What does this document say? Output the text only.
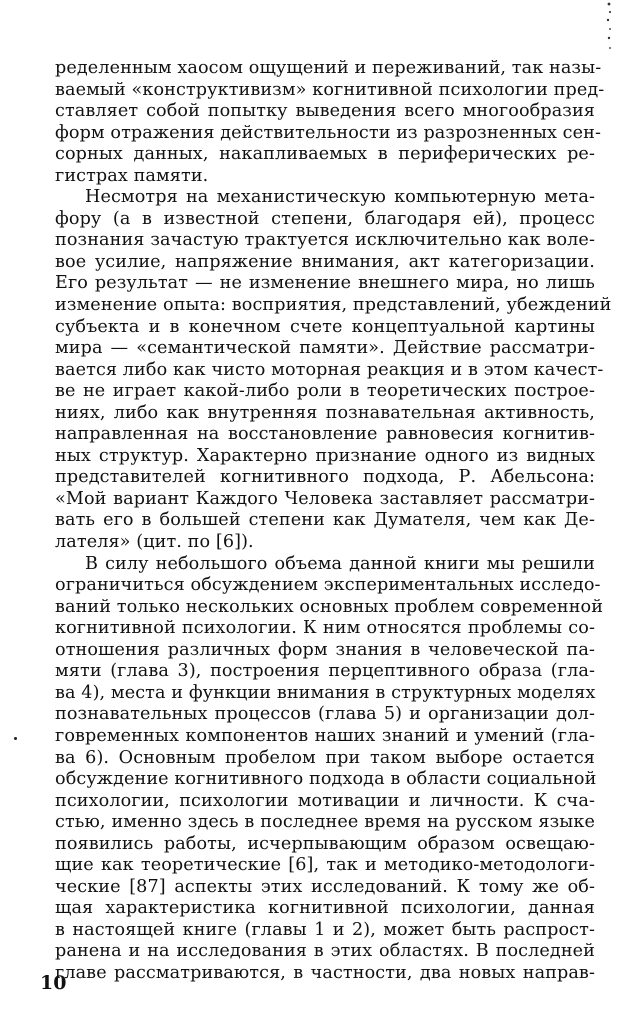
ределенным хаосом ощущений и переживаний, так назы-
ваемый «конструктивизм» когнитивной психологии пред-
ставляет собой попытку выведения всего многообразия
форм отражения действительности из разрозненных сен-
сорных данных, накапливаемых в периферических ре-
гистрах памяти.
Несмотря на механистическую компьютерную мета-
фору (а в известной степени, благодаря ей), процесс
познания зачастую трактуется исключительно как воле-
вое усилие, напряжение внимания, акт категоризации.
Его результат — не изменение внешнего мира, но лишь
изменение опыта: восприятия, представлений, убеждений
субъекта и в конечном счете концептуальной картины
мира — «семантической памяти». Действие рассматри-
вается либо как чисто моторная реакция и в этом качест-
ве не играет какой-либо роли в теоретических построе-
ниях, либо как внутренняя познавательная активность,
направленная на восстановление равновесия когнитив-
ных структур. Характерно признание одного из видных
представителей когнитивного подхода, Р. Абельсона:
«Мой вариант Каждого Человека заставляет рассматри-
вать его в большей степени как Думателя, чем как Де-
лателя» (цит. по [6]).
В силу небольшого объема данной книги мы решили
ограничиться обсуждением экспериментальных исследо-
ваний только нескольких основных проблем современной
когнитивной психологии. К ним относятся проблемы со-
отношения различных форм знания в человеческой па-
мяти (глава 3), построения перцептивного образа (гла-
ва 4), места и функции внимания в структурных моделях
познавательных процессов (глава 5) и организации дол-
говременных компонентов наших знаний и умений (гла-
ва 6). Основным пробелом при таком выборе остается
обсуждение когнитивного подхода в области социальной
психологии, психологии мотивации и личности. К сча-
стью, именно здесь в последнее время на русском языке
появились работы, исчерпывающим образом освещаю-
щие как теоретические [6], так и методико-методологи-
ческие [87] аспекты этих исследований. К тому же об-
щая характеристика когнитивной психологии, данная
в настоящей книге (главы 1 и 2), может быть распрост-
ранена и на исследования в этих областях. В последней
главе рассматриваются, в частности, два новых направ-
10
